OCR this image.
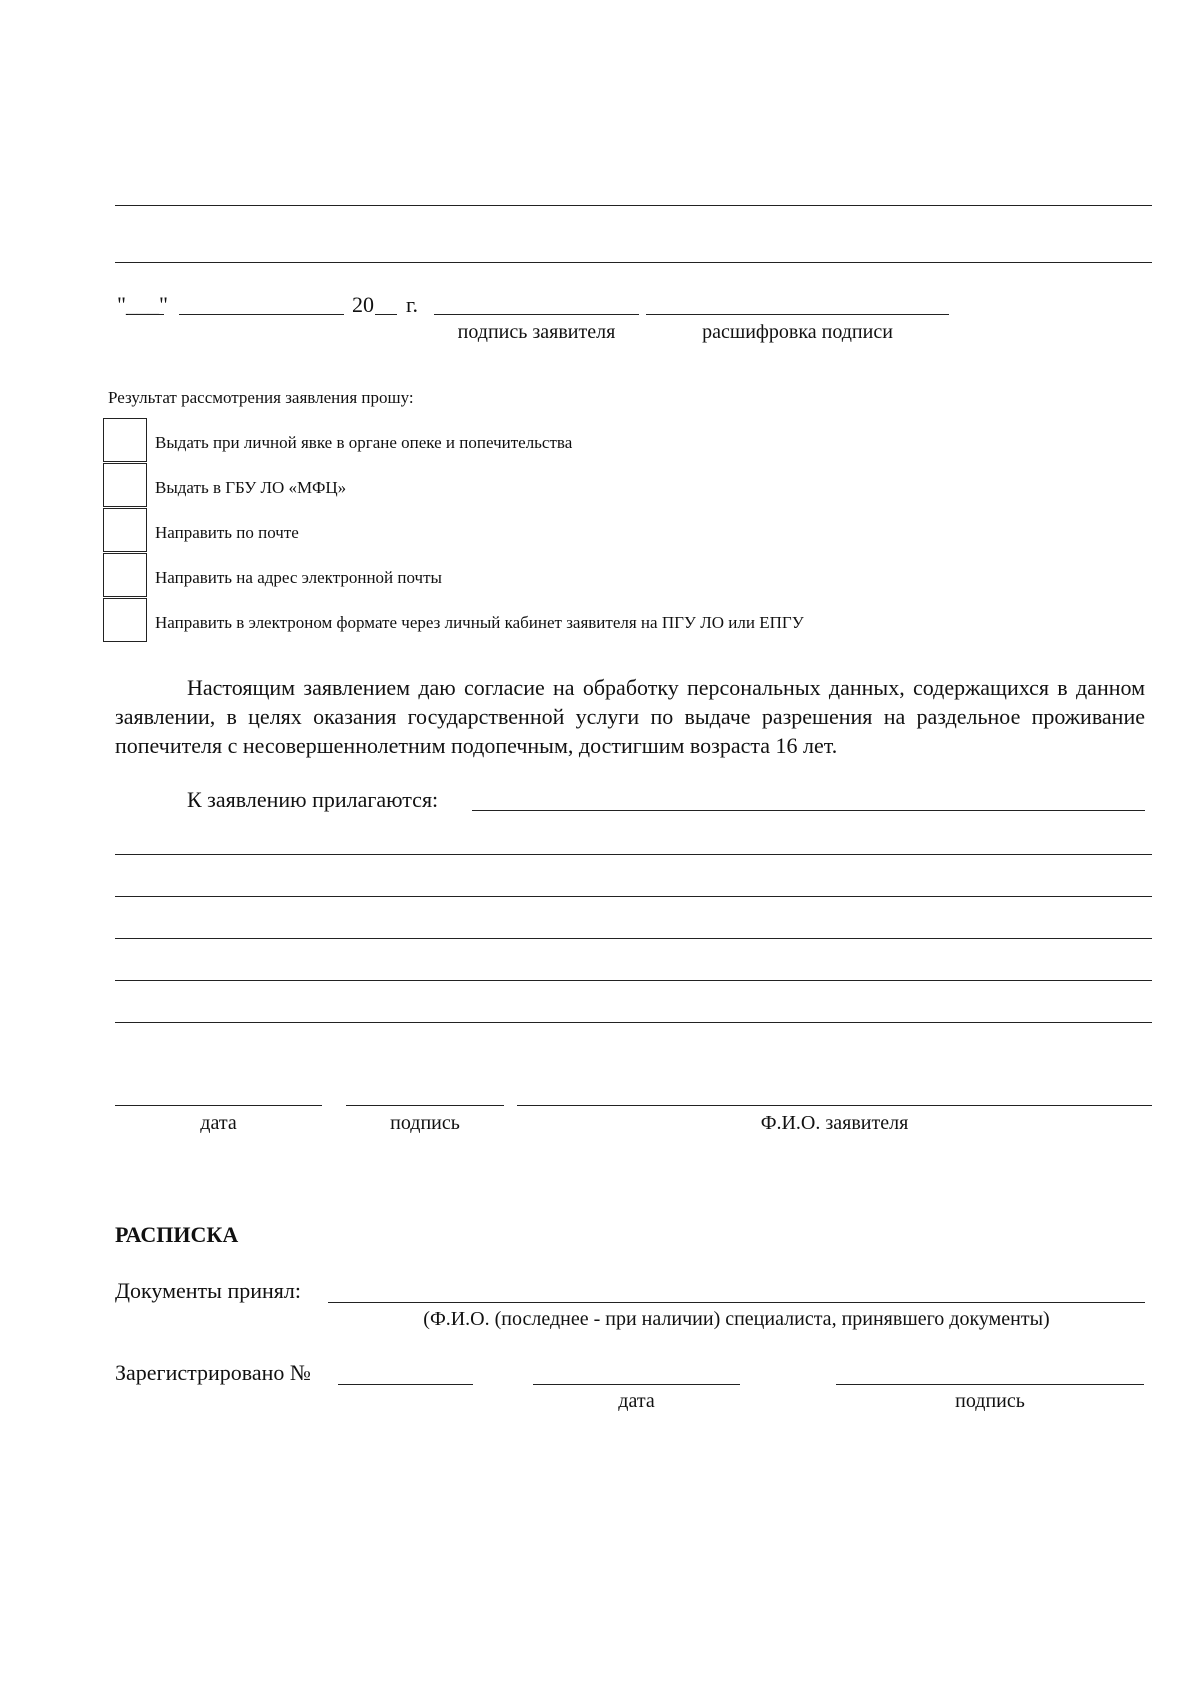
"___"	20 г.
подпись заявителя	расшифровка подписи
Результат рассмотрения заявления прошу:
Выдать при личной явке в органе опеке и попечительства
Выдать в ГБУ ЛО «МФЦ»
Направить по почте
Направить на адрес электронной почты
Направить в электроном формате через личный кабинет заявителя на ПГУ ЛО или ЕПГУ
Настоящим заявлением даю согласие на обработку персональных данных, содержащихся в данном заявлении, в целях оказания государственной услуги по выдаче разрешения на раздельное проживание попечителя с несовершеннолетним подопечным, достигшим возраста 16 лет.
К заявлению прилагаются:
дата	подпись	Ф.И.О. заявителя
РАСПИСКА
Документы принял:
(Ф.И.О. (последнее - при наличии) специалиста, принявшего документы)
Зарегистрировано №
дата	подпись
